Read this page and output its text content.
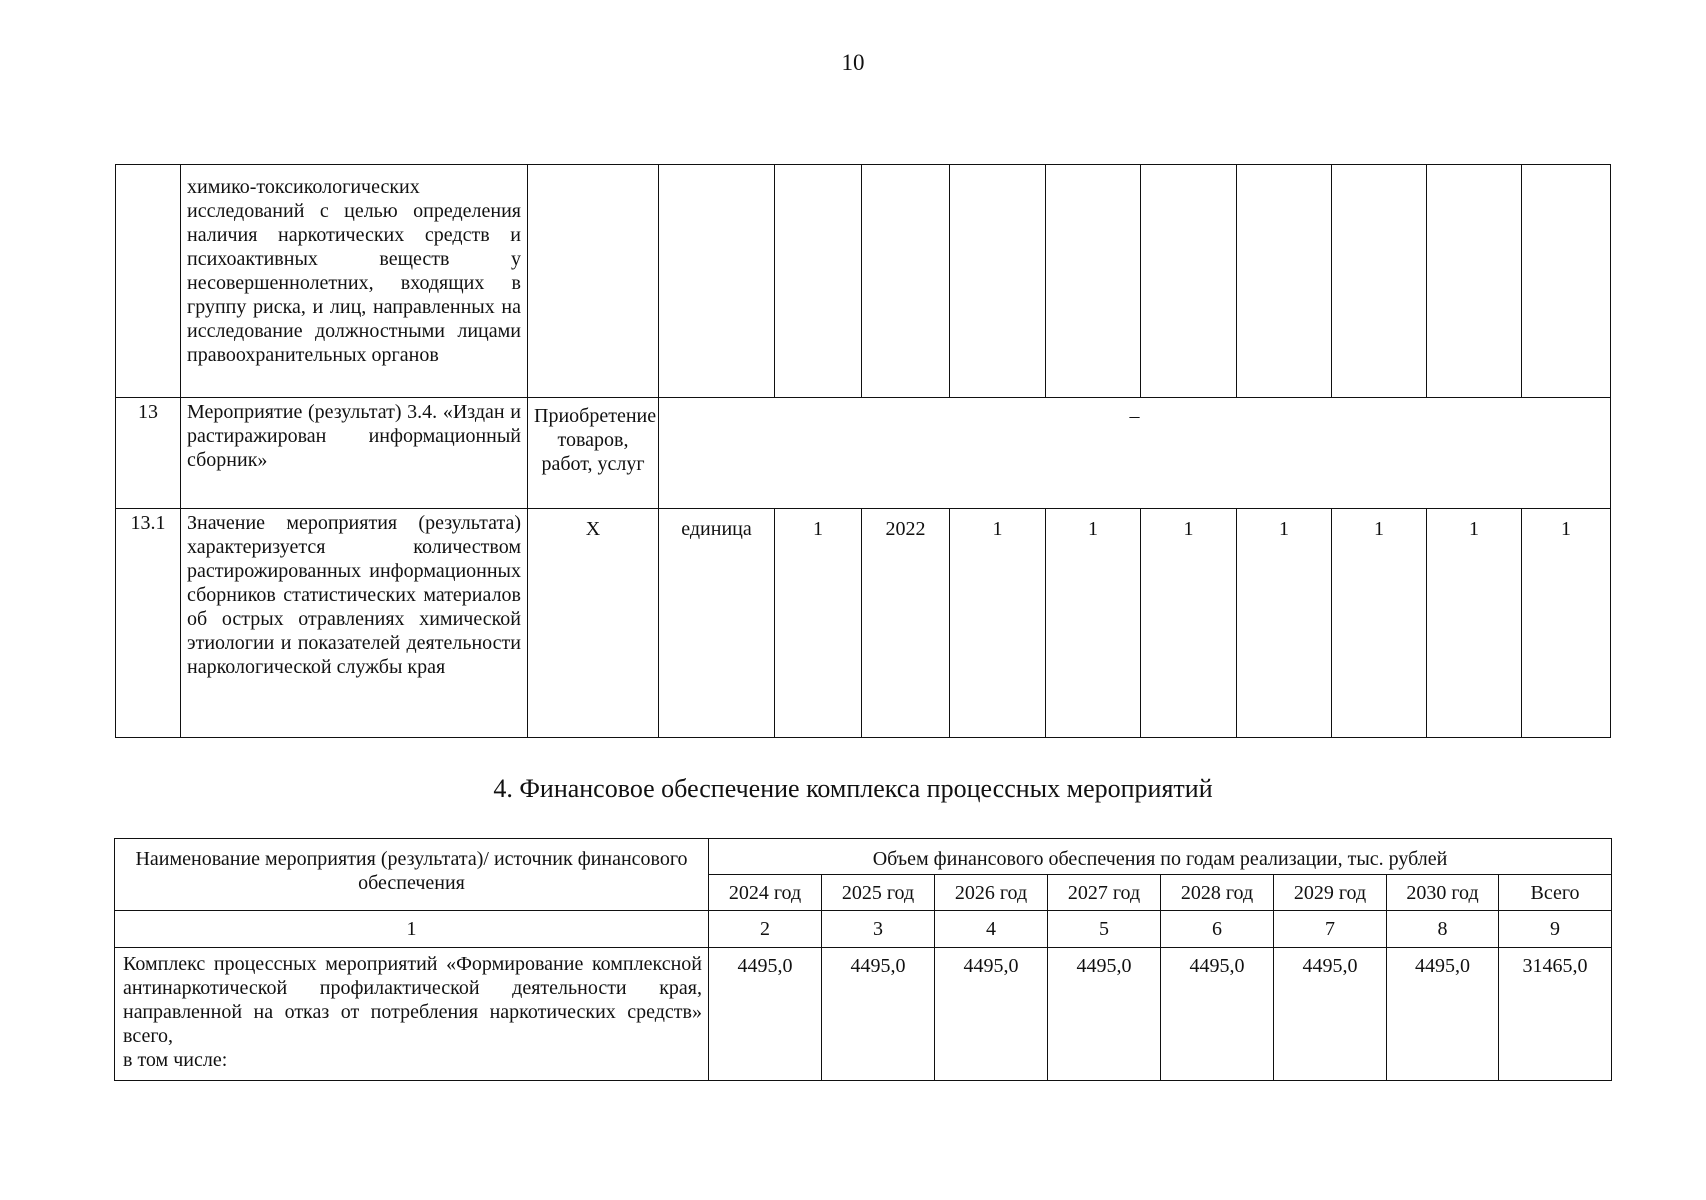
10
	химико-токсикологических исследований с целью определения наличия наркотических средств и психоактивных веществ у несовершеннолетних, входящих в группу риска, и лиц, направленных на исследование должностными лицами правоохранительных органов											
13	Мероприятие (результат) 3.4. «Издан и растиражирован информационный сборник»	Приобретение товаров, работ, услуг	–									
13.1	Значение мероприятия (результата) характеризуется количеством растирожированных информационных сборников статистических материалов об острых отравлениях химической этиологии и показателей деятельности наркологической службы края	Х	единица	1	2022	1	1	1	1	1	1	1
4. Финансовое обеспечение комплекса процессных мероприятий
Наименование мероприятия (результата)/ источник финансового обеспечения	Объем финансового обеспечения по годам реализации, тыс. рублей							
	2024 год	2025 год	2026 год	2027 год	2028 год	2029 год	2030 год	Всего
1	2	3	4	5	6	7	8	9

Комплекс процессных мероприятий «Формирование комплексной антинаркотической профилактической деятельности края, направленной на отказ от потребления наркотических средств» всего,
в том числе:	4495,0	4495,0	4495,0	4495,0	4495,0	4495,0	4495,0	31465,0
